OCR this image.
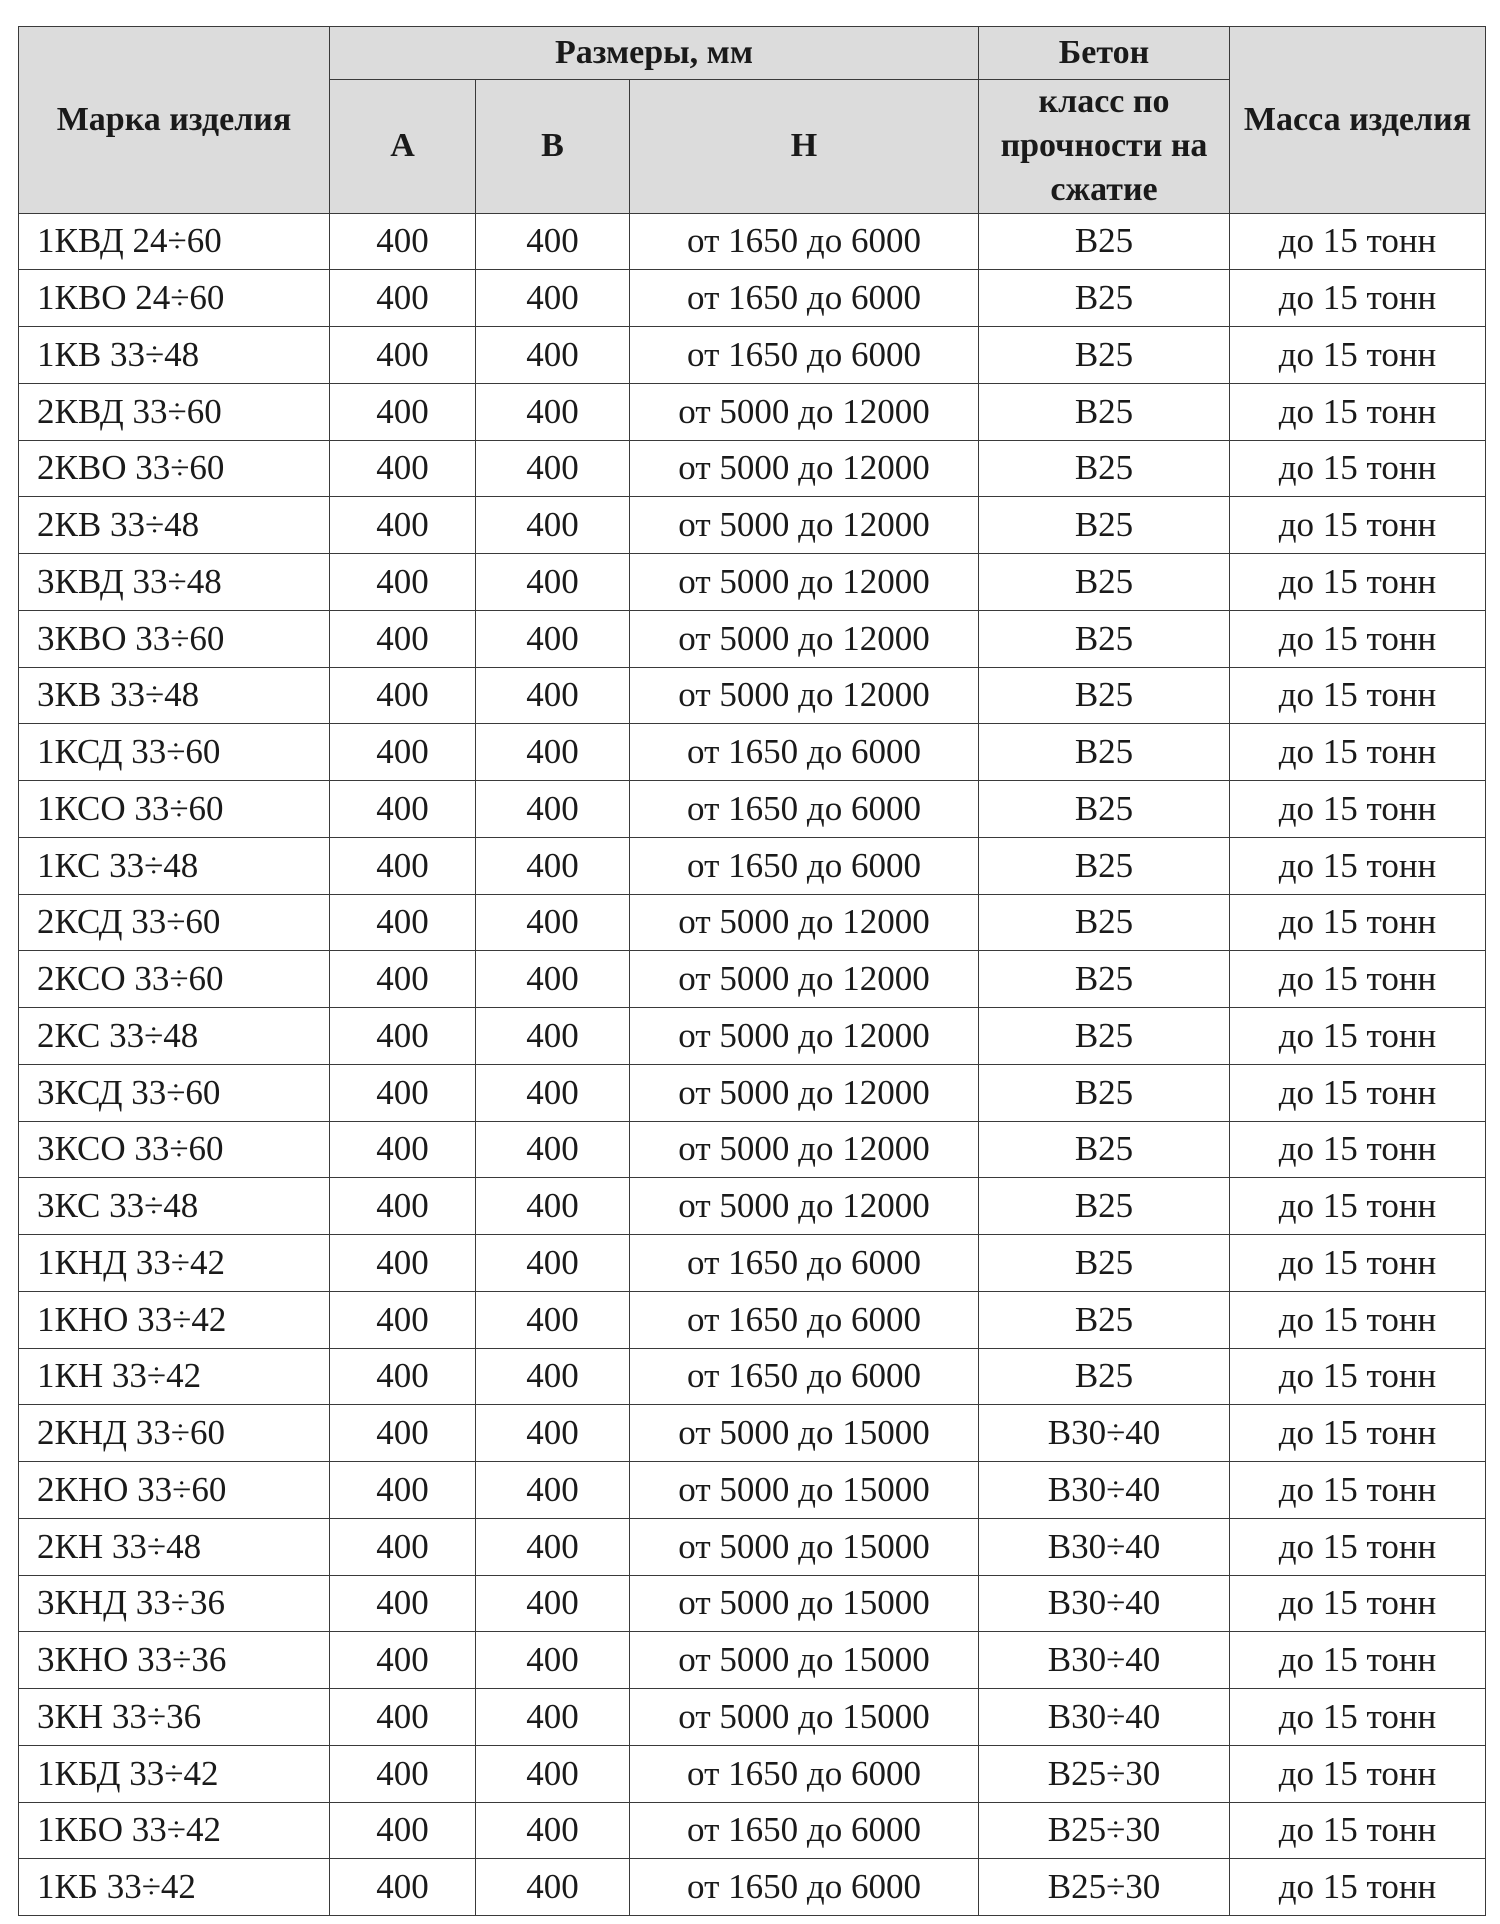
Марка изделия	Размеры, мм			Бетон	Масса изделия
	A	B	H	класс по прочности на сжатие	
1КВД 24÷60	400	400	от 1650 до 6000	B25	до 15 тонн
1КВО 24÷60	400	400	от 1650 до 6000	B25	до 15 тонн
1КВ 33÷48	400	400	от 1650 до 6000	B25	до 15 тонн
2КВД 33÷60	400	400	от 5000 до 12000	B25	до 15 тонн
2КВО 33÷60	400	400	от 5000 до 12000	B25	до 15 тонн
2КВ 33÷48	400	400	от 5000 до 12000	B25	до 15 тонн
3КВД 33÷48	400	400	от 5000 до 12000	B25	до 15 тонн
3КВО 33÷60	400	400	от 5000 до 12000	B25	до 15 тонн
3КВ 33÷48	400	400	от 5000 до 12000	B25	до 15 тонн
1КСД 33÷60	400	400	от 1650 до 6000	B25	до 15 тонн
1КСО 33÷60	400	400	от 1650 до 6000	B25	до 15 тонн
1КС 33÷48	400	400	от 1650 до 6000	B25	до 15 тонн
2КСД 33÷60	400	400	от 5000 до 12000	B25	до 15 тонн
2КСО 33÷60	400	400	от 5000 до 12000	B25	до 15 тонн
2КС 33÷48	400	400	от 5000 до 12000	B25	до 15 тонн
3КСД 33÷60	400	400	от 5000 до 12000	B25	до 15 тонн
3КСО 33÷60	400	400	от 5000 до 12000	B25	до 15 тонн
3КС 33÷48	400	400	от 5000 до 12000	B25	до 15 тонн
1КНД 33÷42	400	400	от 1650 до 6000	B25	до 15 тонн
1КНО 33÷42	400	400	от 1650 до 6000	B25	до 15 тонн
1КН 33÷42	400	400	от 1650 до 6000	B25	до 15 тонн
2КНД 33÷60	400	400	от 5000 до 15000	B30÷40	до 15 тонн
2КНО 33÷60	400	400	от 5000 до 15000	B30÷40	до 15 тонн
2КН 33÷48	400	400	от 5000 до 15000	B30÷40	до 15 тонн
3КНД 33÷36	400	400	от 5000 до 15000	B30÷40	до 15 тонн
3КНО 33÷36	400	400	от 5000 до 15000	B30÷40	до 15 тонн
3КН 33÷36	400	400	от 5000 до 15000	B30÷40	до 15 тонн
1КБД 33÷42	400	400	от 1650 до 6000	B25÷30	до 15 тонн
1КБО 33÷42	400	400	от 1650 до 6000	B25÷30	до 15 тонн
1КБ 33÷42	400	400	от 1650 до 6000	B25÷30	до 15 тонн
